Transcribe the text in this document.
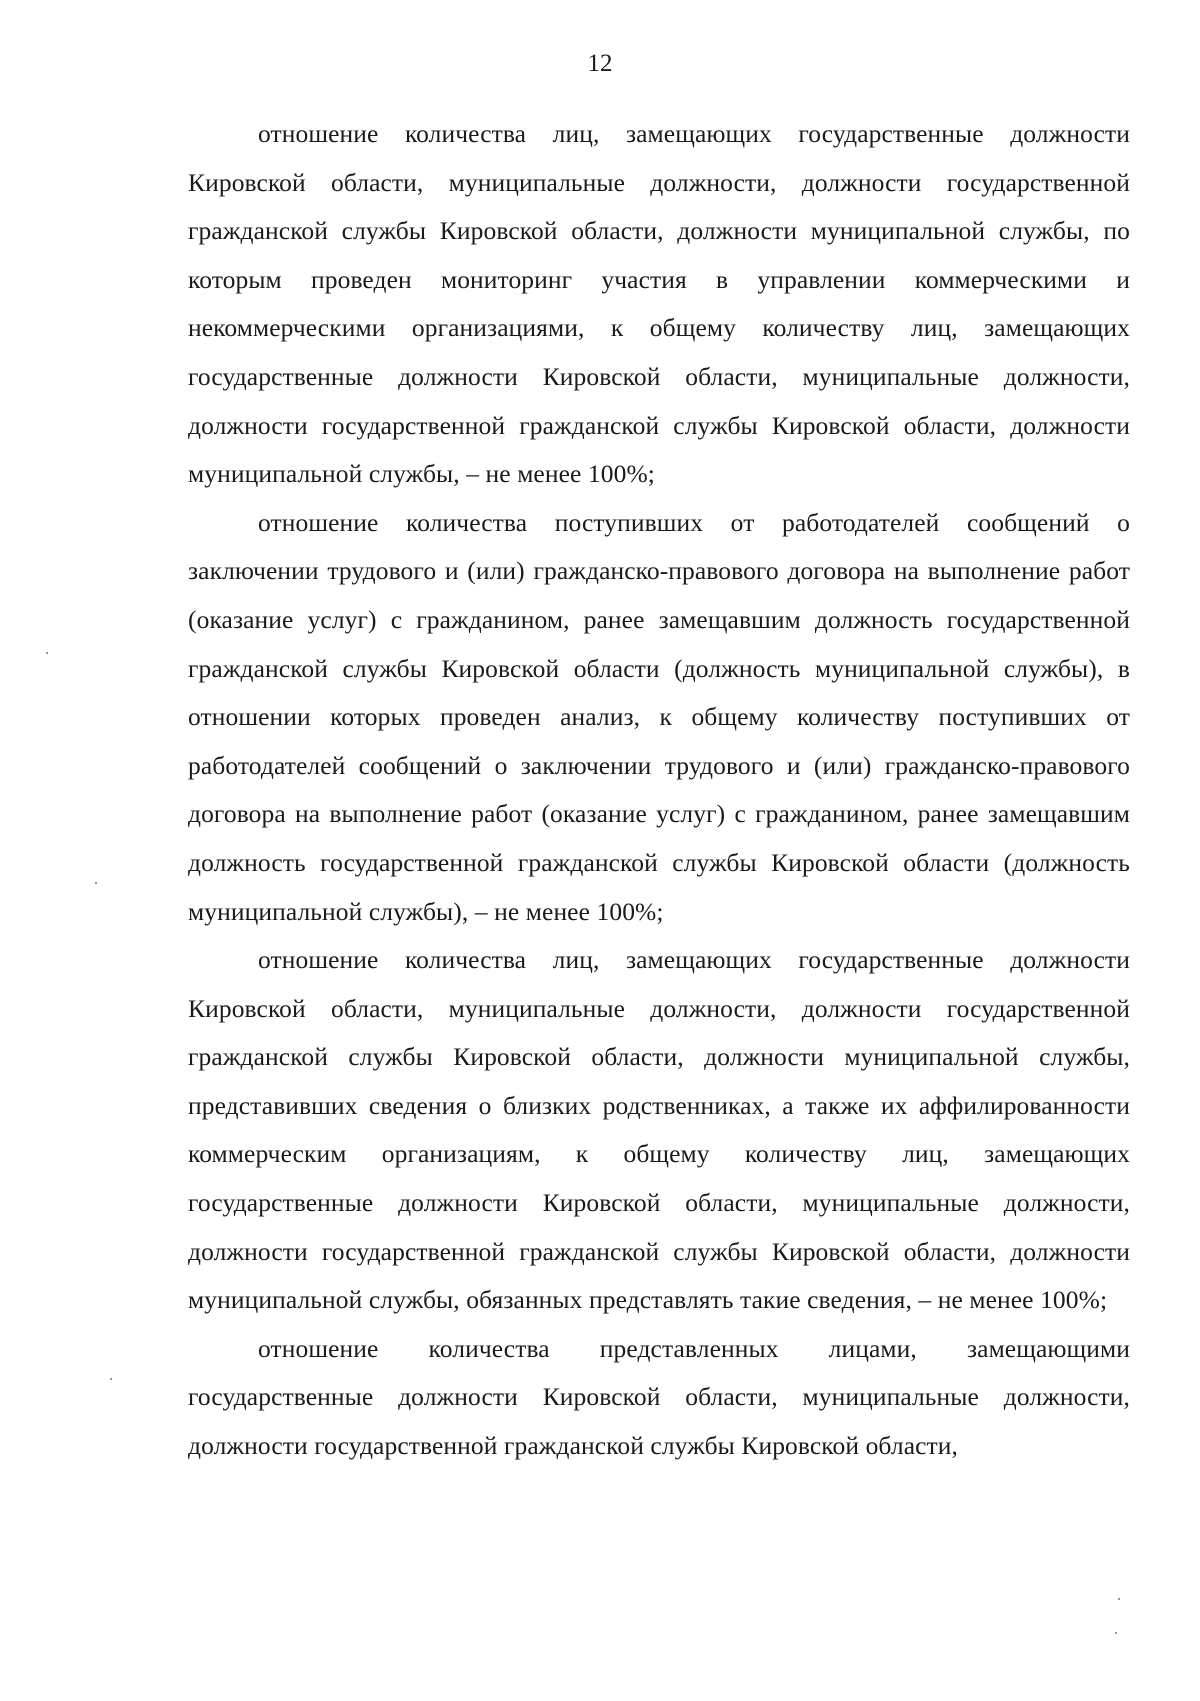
12

отношение количества лиц, замещающих государственные должности Кировской области, муниципальные должности, должности государственной гражданской службы Кировской области, должности муниципальной службы, по которым проведен мониторинг участия в управлении коммерческими и некоммерческими организациями, к общему количеству лиц, замещающих государственные должности Кировской области, муниципальные должности, должности государственной гражданской службы Кировской области, должности муниципальной службы, – не менее 100%;

отношение количества поступивших от работодателей сообщений о заключении трудового и (или) гражданско-правового договора на выполнение работ (оказание услуг) с гражданином, ранее замещавшим должность государственной гражданской службы Кировской области (должность муниципальной службы), в отношении которых проведен анализ, к общему количеству поступивших от работодателей сообщений о заключении трудового и (или) гражданско-правового договора на выполнение работ (оказание услуг) с гражданином, ранее замещавшим должность государственной гражданской службы Кировской области (должность муниципальной службы), – не менее 100%;

отношение количества лиц, замещающих государственные должности Кировской области, муниципальные должности, должности государственной гражданской службы Кировской области, должности муниципальной службы, представивших сведения о близких родственниках, а также их аффилированности коммерческим организациям, к общему количеству лиц, замещающих государственные должности Кировской области, муниципальные должности, должности государственной гражданской службы Кировской области, должности муниципальной службы, обязанных представлять такие сведения, – не менее 100%;

отношение количества представленных лицами, замещающими государственные должности Кировской области, муниципальные должности, должности государственной гражданской службы Кировской области,
